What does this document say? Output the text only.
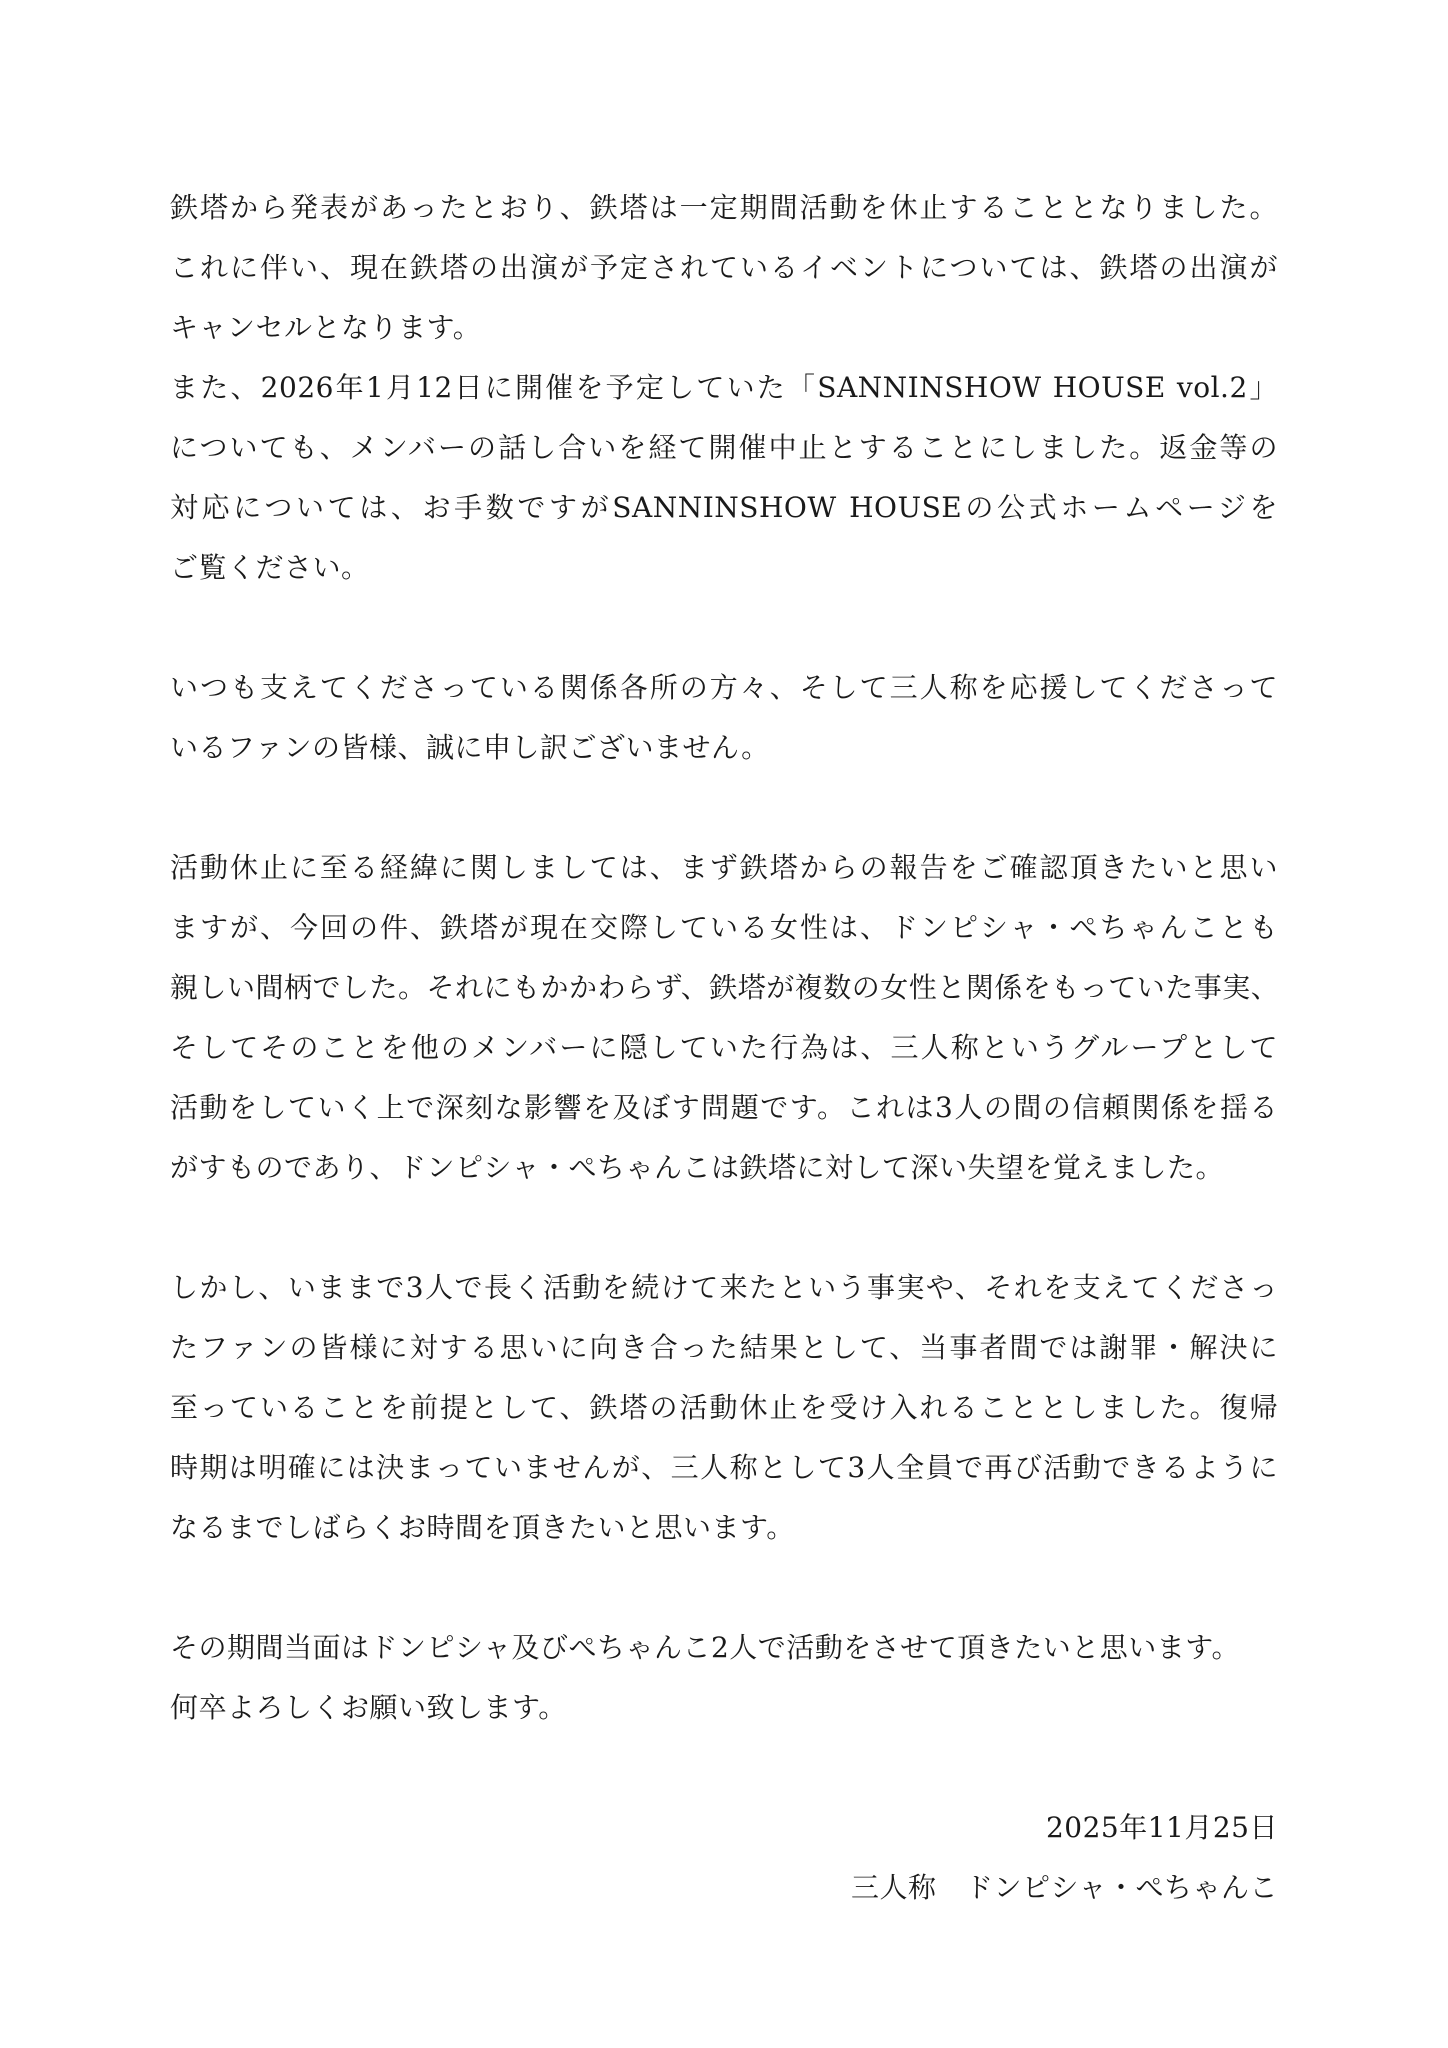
鉄塔から発表があったとおり、鉄塔は一定期間活動を休止することとなりました。
これに伴い、現在鉄塔の出演が予定されているイベントについては、鉄塔の出演が
キャンセルとなります。
また、2026年1月12日に開催を予定していた「SANNINSHOW HOUSE vol.2」
についても、メンバーの話し合いを経て開催中止とすることにしました。返金等の
対応については、お手数ですがSANNINSHOW HOUSEの公式ホームページを
ご覧ください。
いつも支えてくださっている関係各所の方々、そして三人称を応援してくださって
いるファンの皆様、誠に申し訳ございません。
活動休止に至る経緯に関しましては、まず鉄塔からの報告をご確認頂きたいと思い
ますが、今回の件、鉄塔が現在交際している女性は、ドンピシャ・ぺちゃんことも
親しい間柄でした。それにもかかわらず、鉄塔が複数の女性と関係をもっていた事実、
そしてそのことを他のメンバーに隠していた行為は、三人称というグループとして
活動をしていく上で深刻な影響を及ぼす問題です。これは3人の間の信頼関係を揺る
がすものであり、ドンピシャ・ぺちゃんこは鉄塔に対して深い失望を覚えました。
しかし、いままで3人で長く活動を続けて来たという事実や、それを支えてくださっ
たファンの皆様に対する思いに向き合った結果として、当事者間では謝罪・解決に
至っていることを前提として、鉄塔の活動休止を受け入れることとしました。復帰
時期は明確には決まっていませんが、三人称として3人全員で再び活動できるように
なるまでしばらくお時間を頂きたいと思います。
その期間当面はドンピシャ及びぺちゃんこ2人で活動をさせて頂きたいと思います。
何卒よろしくお願い致します。
2025年11月25日
三人称　ドンピシャ・ぺちゃんこ
